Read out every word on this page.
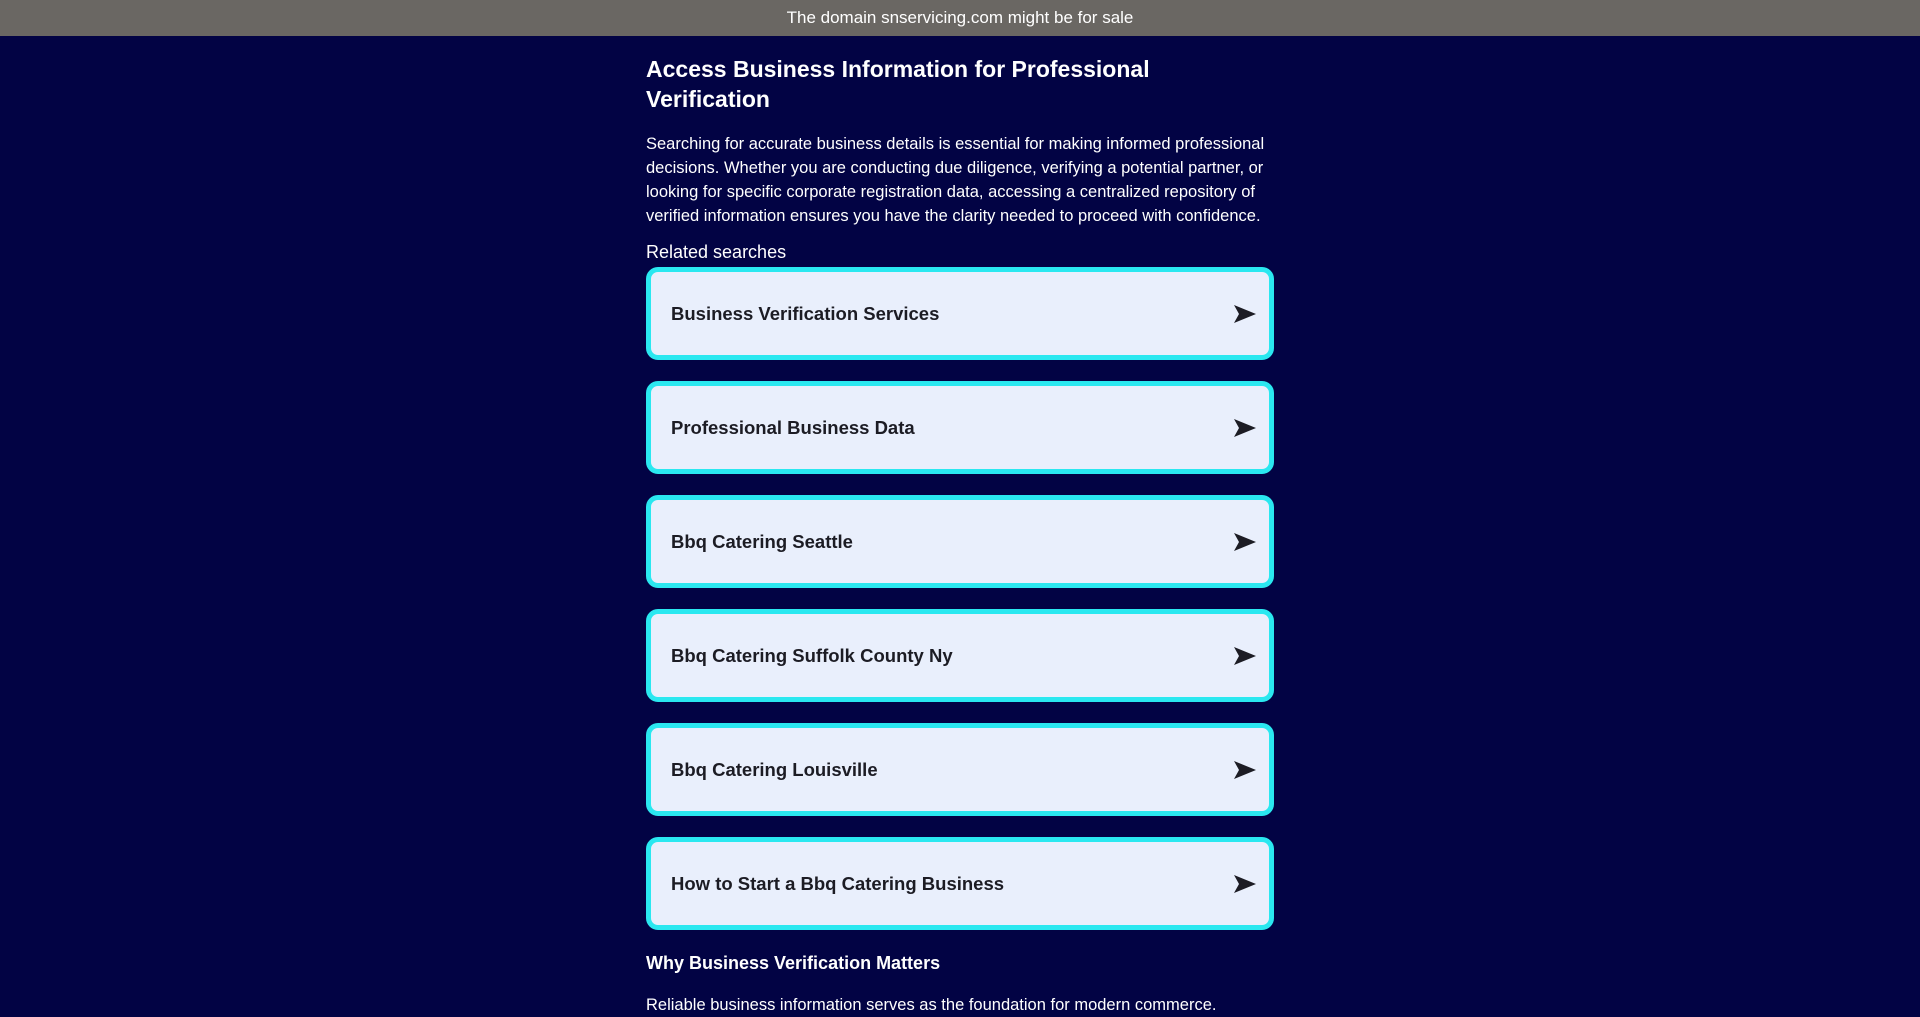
The domain snservicing.com might be for sale
Access Business Information for Professional Verification

Searching for accurate business details is essential for making informed professional decisions. Whether you are conducting due diligence, verifying a potential partner, or looking for specific corporate registration data, accessing a centralized repository of verified information ensures you have the clarity needed to proceed with confidence.

Related searches
Business Verification Services
Professional Business Data
Bbq Catering Seattle
Bbq Catering Suffolk County Ny
Bbq Catering Louisville
How to Start a Bbq Catering Business
Why Business Verification Matters

Reliable business information serves as the foundation for modern commerce.
